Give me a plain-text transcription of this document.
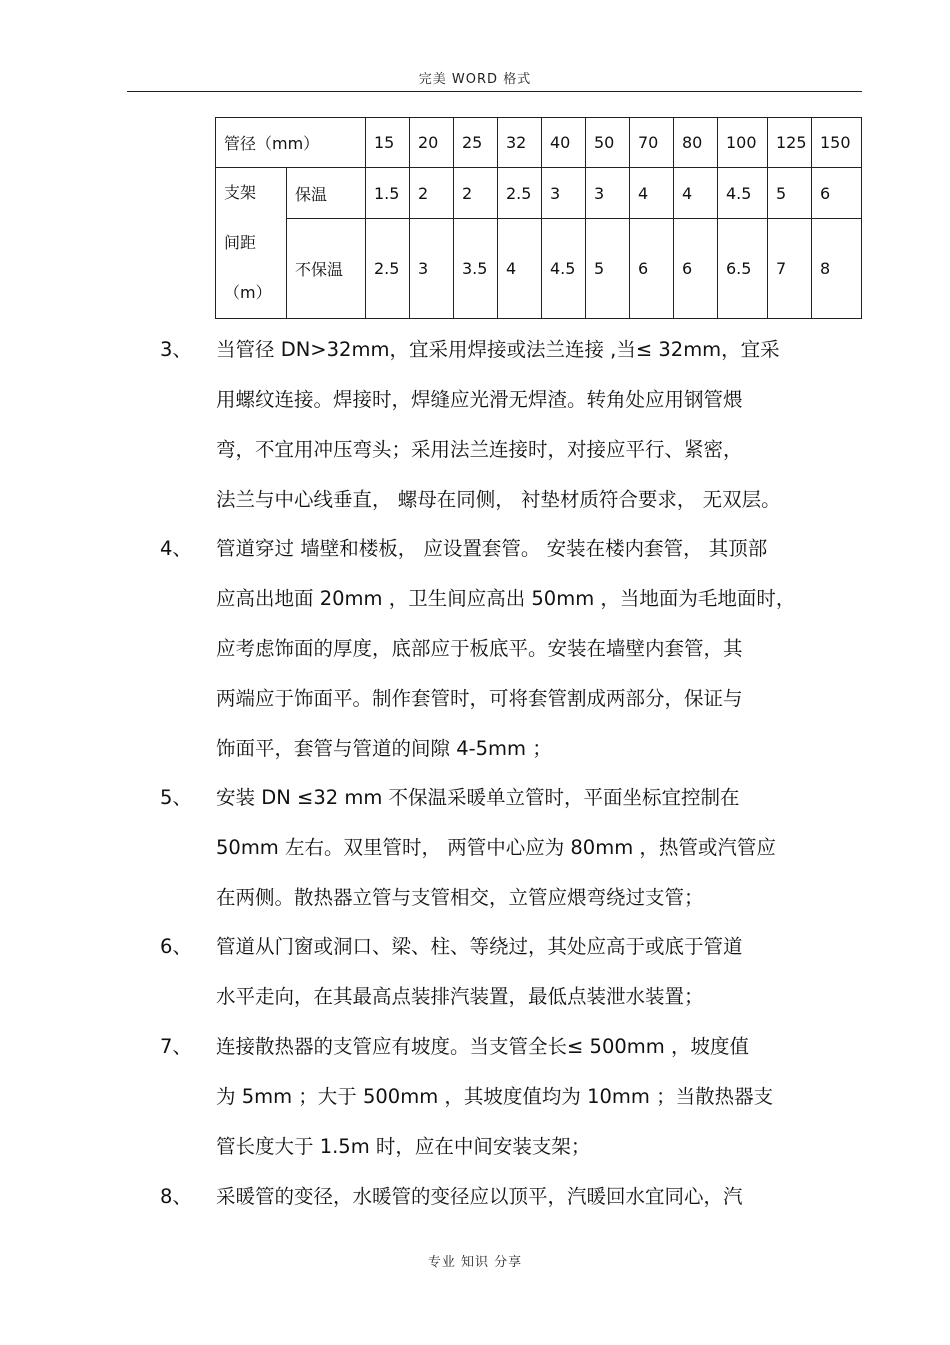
完美 WORD 格式
管径（mm）		15	20	25	32	40	50	70	80	100	125	150

支架
间距
（m）	保温	1.5	2	2	2.5	3	3	4	4	4.5	5	6
	不保温	2.5	3	3.5	4	4.5	5	6	6	6.5	7	8
3、 当管径 DN>32mm，宜采用焊接或法兰连接 ,当≤ 32mm，宜采
用螺纹连接。焊接时，焊缝应光滑无焊渣。转角处应用钢管煨
弯，不宜用冲压弯头；采用法兰连接时，对接应平行、紧密，
法兰与中心线垂直， 螺母在同侧， 衬垫材质符合要求， 无双层。
4、 管道穿过 墙壁和楼板， 应设置套管。 安装在楼内套管， 其顶部
应高出地面 20mm ，卫生间应高出 50mm ，当地面为毛地面时，
应考虑饰面的厚度，底部应于板底平。安装在墙壁内套管，其
两端应于饰面平。制作套管时，可将套管割成两部分，保证与
饰面平，套管与管道的间隙 4-5mm ；
5、 安装 DN ≤32 mm 不保温采暖单立管时，平面坐标宜控制在
50mm 左右。双里管时， 两管中心应为 80mm ，热管或汽管应
在两侧。散热器立管与支管相交，立管应煨弯绕过支管；
6、 管道从门窗或洞口、梁、柱、等绕过，其处应高于或底于管道
水平走向，在其最高点装排汽装置，最低点装泄水装置；
7、 连接散热器的支管应有坡度。当支管全长≤ 500mm ，坡度值
为 5mm ；大于 500mm ，其坡度值均为 10mm ；当散热器支
管长度大于 1.5m 时，应在中间安装支架；
8、 采暖管的变径，水暖管的变径应以顶平，汽暖回水宜同心，汽
专业 知识 分享
